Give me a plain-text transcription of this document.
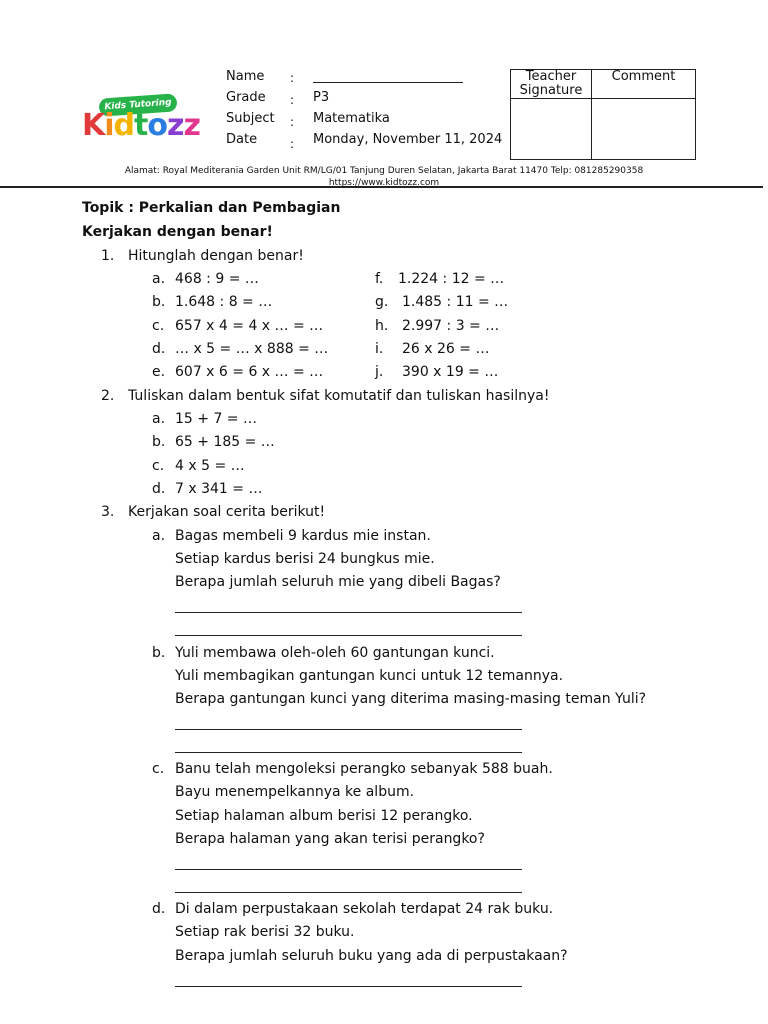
Kids Tutoring
Kidtozz
Name :
Grade : P3
Subject : Matematika
Date	: Monday, November 11, 2024
Teacher
Signature	Comment

Alamat: Royal Mediterania Garden Unit RM/LG/01 Tanjung Duren Selatan, Jakarta Barat 11470 Telp: 081285290358
https://www.kidtozz.com
Topik : Perkalian dan Pembagian
Kerjakan dengan benar!
1. Hitunglah dengan benar!
a. 468 : 9 = …
b. 1.648 : 8 = …
c. 657 x 4 = 4 x … = …
d. … x 5 = … x 888 = …
e. 607 x 6 = 6 x … = …
f. 1.224 : 12 = …
g. 1.485 : 11 = …
h. 2.997 : 3 = …
i. 26 x 26 = …
j. 390 x 19 = …
2. Tuliskan dalam bentuk sifat komutatif dan tuliskan hasilnya!
a. 15 + 7 = …
b. 65 + 185 = …
c. 4 x 5 = …
d. 7 x 341 = …
3. Kerjakan soal cerita berikut!
a. Bagas membeli 9 kardus mie instan.
Setiap kardus berisi 24 bungkus mie.
Berapa jumlah seluruh mie yang dibeli Bagas?
b. Yuli membawa oleh-oleh 60 gantungan kunci.
Yuli membagikan gantungan kunci untuk 12 temannya.
Berapa gantungan kunci yang diterima masing-masing teman Yuli?
c. Banu telah mengoleksi perangko sebanyak 588 buah.
Bayu menempelkannya ke album.
Setiap halaman album berisi 12 perangko.
Berapa halaman yang akan terisi perangko?
d. Di dalam perpustakaan sekolah terdapat 24 rak buku.
Setiap rak berisi 32 buku.
Berapa jumlah seluruh buku yang ada di perpustakaan?
